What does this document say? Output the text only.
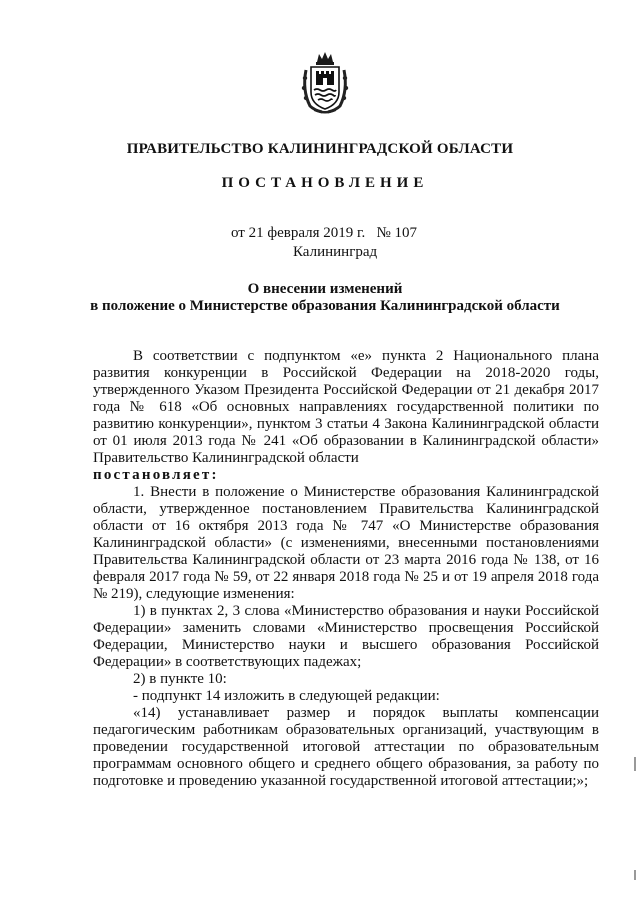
ПРАВИТЕЛЬСТВО КАЛИНИНГРАДСКОЙ ОБЛАСТИ
ПОСТАНОВЛЕНИЕ
от 21 февраля 2019 г.   № 107
Калининград
О внесении изменений
в положение о Министерстве образования Калининградской области

В соответствии с подпунктом «е» пункта 2 Национального плана развития конкуренции в Российской Федерации на 2018-2020 годы, утвержденного Указом Президента Российской Федерации от 21 декабря 2017 года № 618 «Об основных направлениях государственной политики по развитию конкуренции», пунктом 3 статьи 4 Закона Калининградской области от 01 июля 2013 года № 241 «Об образовании в Калининградской области» Правительство Калининградской области

постановляет:

1. Внести в положение о Министерстве образования Калининградской области, утвержденное постановлением Правительства Калининградской области от 16 октября 2013 года № 747 «О Министерстве образования Калининградской области» (с изменениями, внесенными постановлениями Правительства Калининградской области от 23 марта 2016 года № 138, от 16 февраля 2017 года № 59, от 22 января 2018 года № 25 и от 19 апреля 2018 года № 219), следующие изменения:

1) в пунктах 2, 3 слова «Министерство образования и науки Российской Федерации» заменить словами «Министерство просвещения Российской Федерации, Министерство науки и высшего образования Российской Федерации» в соответствующих падежах;

2) в пункте 10:

- подпункт 14 изложить в следующей редакции:

«14) устанавливает размер и порядок выплаты компенсации педагогическим работникам образовательных организаций, участвующим в проведении государственной итоговой аттестации по образовательным программам основного общего и среднего общего образования, за работу по подготовке и проведению указанной государственной итоговой аттестации;»;
